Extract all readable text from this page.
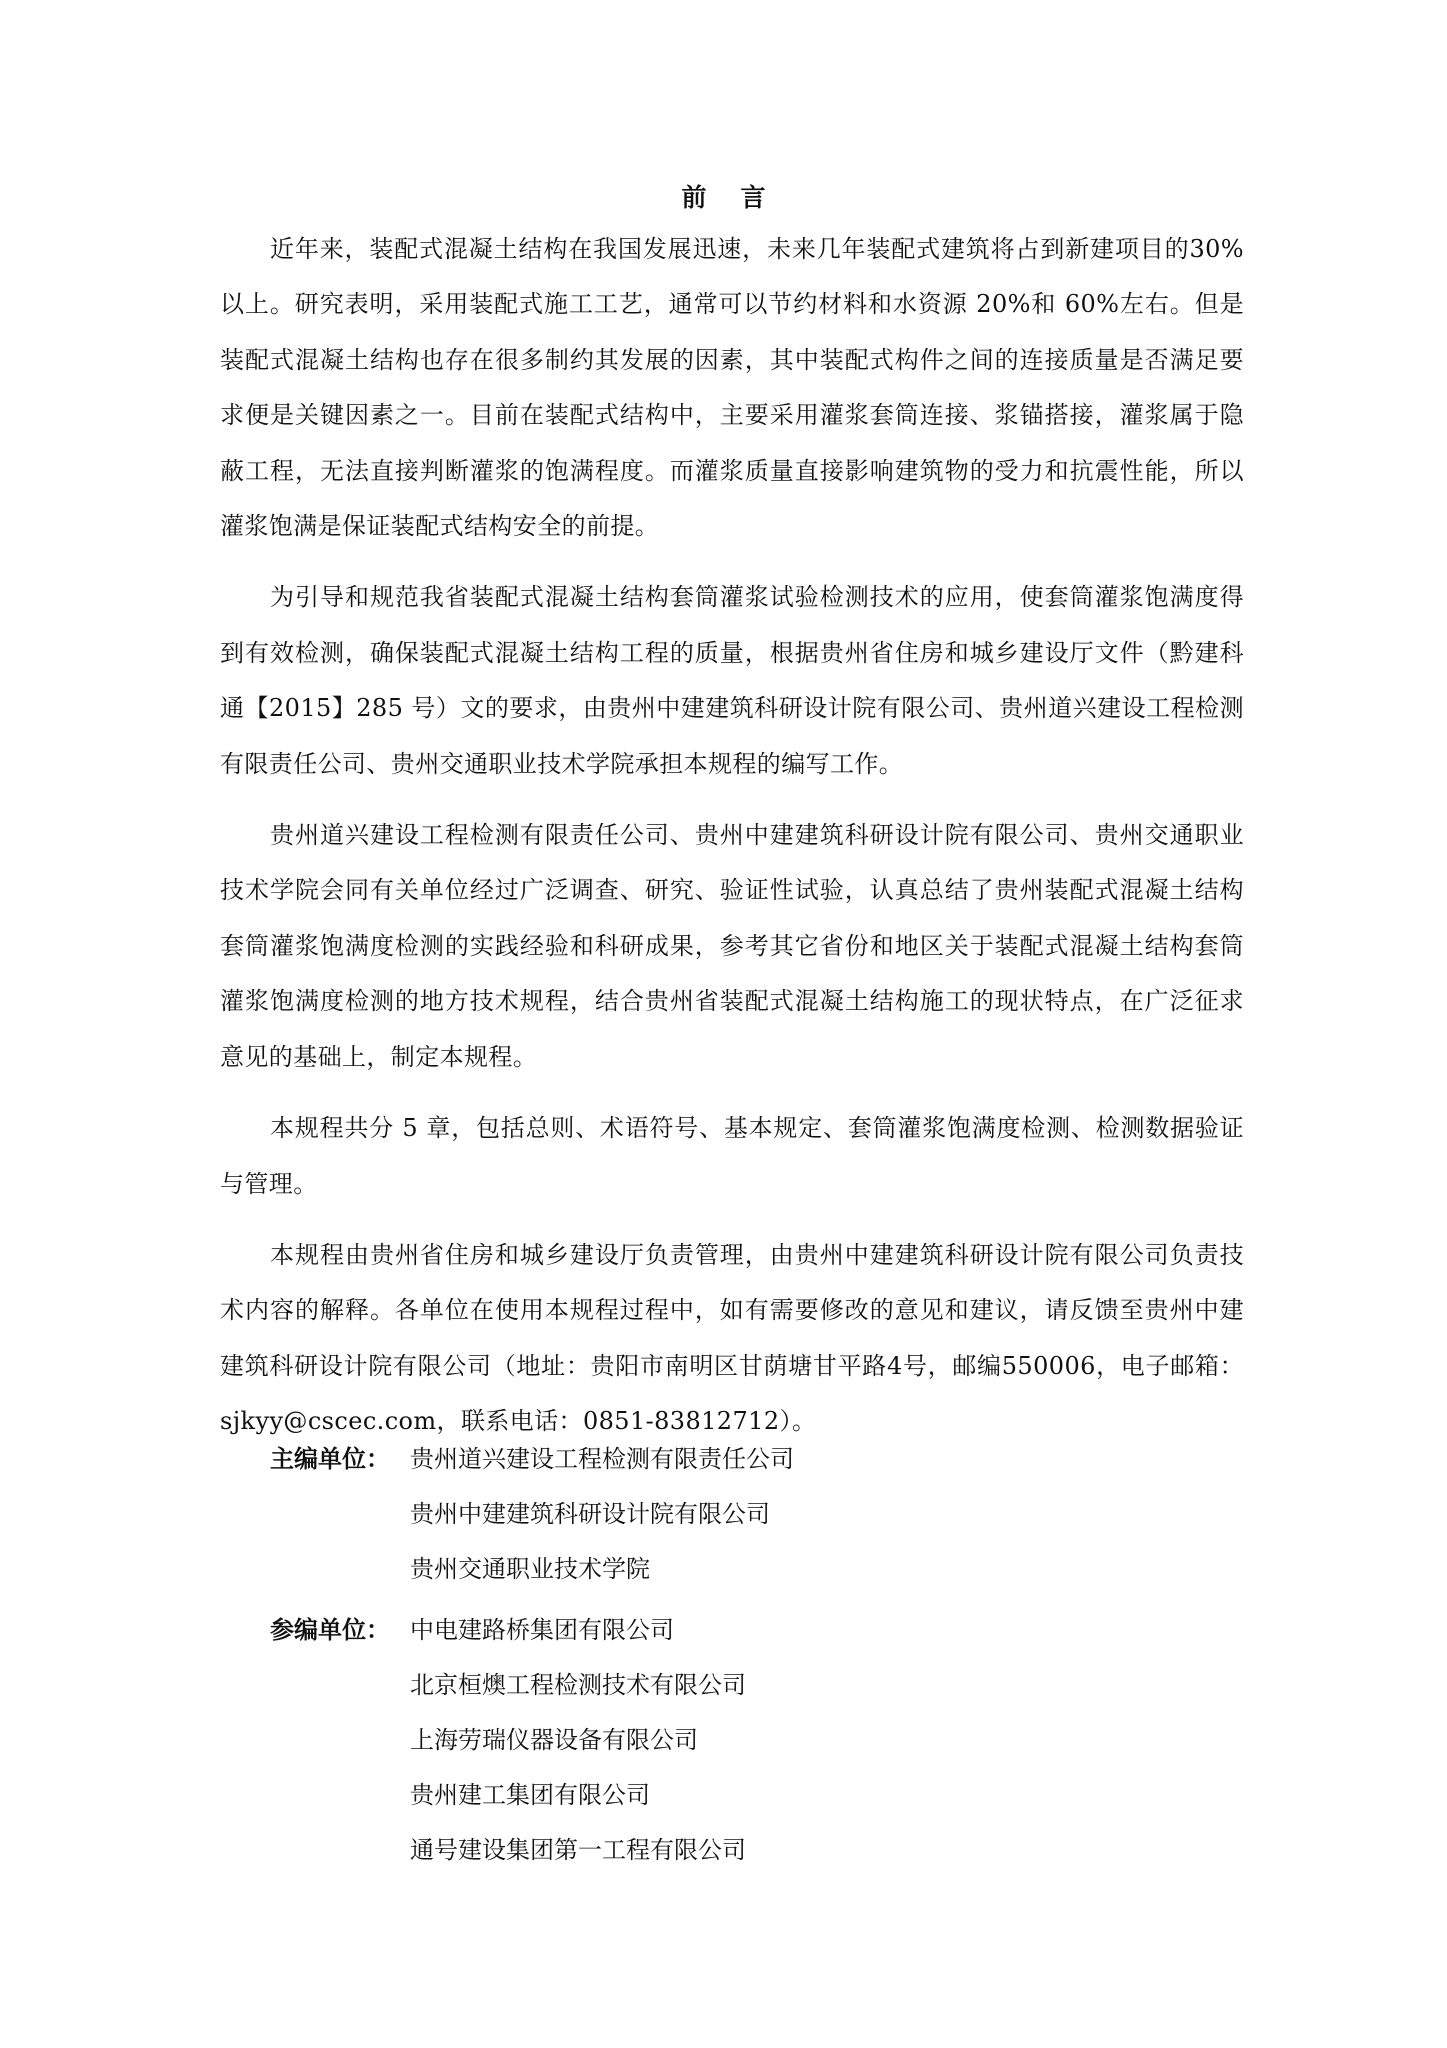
前言

近年来，装配式混凝土结构在我国发展迅速，未来几年装配式建筑将占到新建项目的30%以上。研究表明，采用装配式施工工艺，通常可以节约材料和水资源 20%和 60%左右。但是装配式混凝土结构也存在很多制约其发展的因素，其中装配式构件之间的连接质量是否满足要求便是关键因素之一。目前在装配式结构中，主要采用灌浆套筒连接、浆锚搭接，灌浆属于隐蔽工程，无法直接判断灌浆的饱满程度。而灌浆质量直接影响建筑物的受力和抗震性能，所以灌浆饱满是保证装配式结构安全的前提。

为引导和规范我省装配式混凝土结构套筒灌浆试验检测技术的应用，使套筒灌浆饱满度得到有效检测，确保装配式混凝土结构工程的质量，根据贵州省住房和城乡建设厅文件（黔建科通【2015】285 号）文的要求，由贵州中建建筑科研设计院有限公司、贵州道兴建设工程检测有限责任公司、贵州交通职业技术学院承担本规程的编写工作。

贵州道兴建设工程检测有限责任公司、贵州中建建筑科研设计院有限公司、贵州交通职业技术学院会同有关单位经过广泛调查、研究、验证性试验，认真总结了贵州装配式混凝土结构套筒灌浆饱满度检测的实践经验和科研成果，参考其它省份和地区关于装配式混凝土结构套筒灌浆饱满度检测的地方技术规程，结合贵州省装配式混凝土结构施工的现状特点，在广泛征求意见的基础上，制定本规程。

本规程共分 5 章，包括总则、术语符号、基本规定、套筒灌浆饱满度检测、检测数据验证与管理。

本规程由贵州省住房和城乡建设厅负责管理，由贵州中建建筑科研设计院有限公司负责技术内容的解释。各单位在使用本规程过程中，如有需要修改的意见和建议，请反馈至贵州中建建筑科研设计院有限公司（地址：贵阳市南明区甘荫塘甘平路4号，邮编550006，电子邮箱：sjkyy@cscec.com，联系电话：0851-83812712）。

主编单位： 贵州道兴建设工程检测有限责任公司
贵州中建建筑科研设计院有限公司
贵州交通职业技术学院
参编单位： 中电建路桥集团有限公司
北京桓燠工程检测技术有限公司
上海劳瑞仪器设备有限公司
贵州建工集团有限公司
通号建设集团第一工程有限公司
